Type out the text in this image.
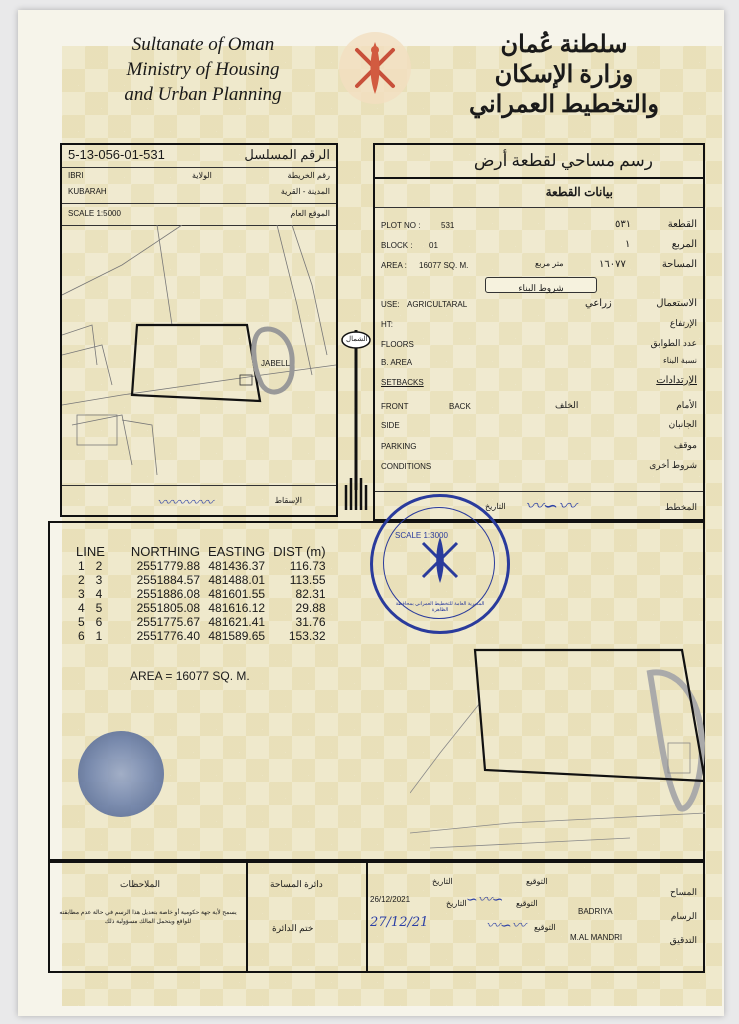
Sultanate of Oman
Ministry of Housing
and Urban Planning
سلطنة عُمان
وزارة الإسكان
والتخطيط العمراني
5-13-056-01-531	الرقم المسلسل
IBRI	الولاية	رقم الخريطة
KUBARAH	المدينة - القرية
SCALE 1:5000	الموقع العام
JABELL
〰〰〰〰	الإسقاط
الشمال
رسم مساحي لقطعة أرض
بيانات القطعة
PLOT NO :	531	٥٣١	القطعة
BLOCK : 01	١	المربع
AREA : 16077 SQ. M.	متر مربع	١٦٠٧٧	المساحة
شروط البناء
USE: AGRICULTARAL	زراعي	الاستعمال
HT:	الإرتفاع
FLOORS	عدد الطوابق
B. AREA	نسبة البناء
SETBACKS	الإرتدادات
FRONT	BACK	الخلف	الأمام
SIDE	الجانبان
PARKING	موقف
CONDITIONS	شروط أخرى
〰∽〰
التاريخ	المخطط
LINE		NORTHING	EASTING	DIST (m)
1	2	2551779.88	481436.37	116.73
2	3	2551884.57	481488.01	113.55
3	4	2551886.08	481601.55	82.31
4	5	2551805.08	481616.12	29.88
5	6	2551775.67	481621.41	31.76
6	1	2551776.40	481589.65	153.32
AREA = 16077 SQ. M.
المديرية العامة للتخطيط العمراني بمحافظة الظاهرة
SCALE 1:3000
الملاحظات
يسمح لأية جهة حكومية أو خاصة بتعديل هذا الرسم في حالة عدم مطابقته للواقع ويتحمل المالك مسؤولية ذلك
دائرة المساحة
ختم الدائرة
26/12/2021
التاريخ	التوقيع
المساح
التاريخ	التوقيع
BADRIYA	الرسام
27/12/21
∽〰∽
〰∽〰 التوقيع
M.AL MANDRI	التدقيق
